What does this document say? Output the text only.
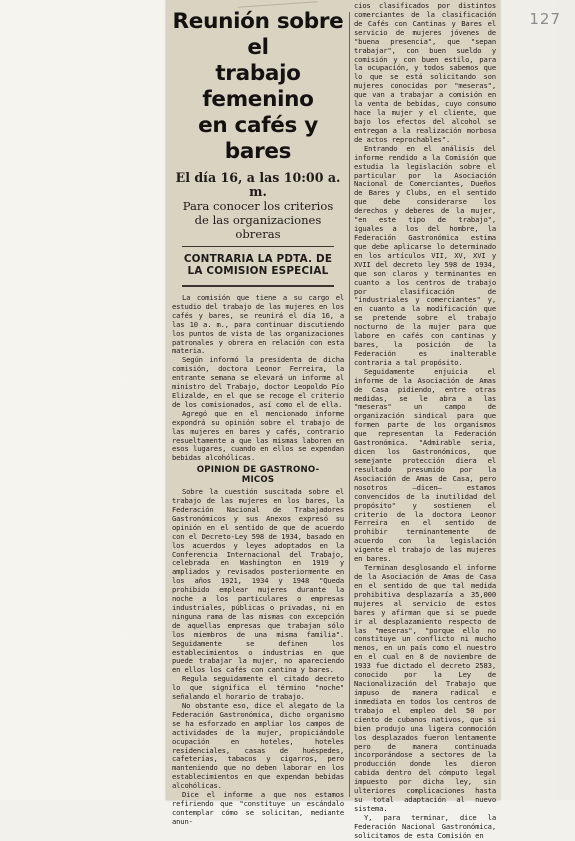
127
Reunión sobre el
trabajo femenino
en cafés y bares
El día 16, a las 10:00 a. m.
Para conocer los criterios
de las organizaciones obreras
CONTRARIA LA PDTA. DE
LA COMISION ESPECIAL

La comisión que tiene a su cargo el estudio del trabajo de las mujeres en los cafés y bares, se reunirá el día 16, a las 10 a. m., para continuar discutiendo los puntos de vista de las organizaciones patronales y obrera en relación con esta materia.

Según informó la presidenta de dicha comisión, doctora Leonor Ferreira, la entrante semana se elevará un informe al ministro del Trabajo, doctor Leopoldo Pío Elizalde, en el que se recoge el criterio de los comisionados, así como el de ella.

Agregó que en el mencionado informe expondrá su opinión sobre el trabajo de las mujeres en bares y cafés, contrario resueltamente a que las mismas laboren en esos lugares, cuando en ellos se expendan bebidas alcohólicas.

OPINION DE GASTRONO-
MICOS

Sobre la cuestión suscitada sobre el trabajo de las mujeres en los bares, la Federación Nacional de Trabajadores Gastronómicos y sus Anexos expresó su opinión en el sentido de que de acuerdo con el Decreto-Ley 598 de 1934, basado en los acuerdos y leyes adoptados en la Conferencia Internacional del Trabajo, celebrada en Washington en 1919 y ampliados y revisados posteriormente en los años 1921, 1934 y 1948 "Queda prohibido emplear mujeres durante la noche a los particulares o empresas industriales, públicas o privadas, ni en ninguna rama de las mismas con excepción de aquellas empresas que trabajan sólo los miembros de una misma familia". Seguidamente se definen los establecimientos o industrias en que puede trabajar la mujer, no apareciendo en ellos los cafés con cantina y bares.

Regula seguidamente el citado decreto lo que significa el término "noche" señalando el horario de trabajo.

No obstante eso, dice el alegato de la Federación Gastronómica, dicho organismo se ha esforzado en ampliar los campos de actividades de la mujer, propiciándole ocupación en hoteles, hoteles residenciales, casas de huéspedes, cafeterías, tabacos y cigarros, pero manteniendo que no deben laborar en los establecimientos en que expendan bebidas alcohólicas.

Dice el informe a que nos estamos refiriendo que "constituye un escándalo contemplar cómo se solicitan, mediante anun-

cios clasificados por distintos comerciantes de la clasificación de Cafés con Cantinas y Bares el servicio de mujeres jóvenes de "buena presencia", que "sepan trabajar", con buen sueldo y comisión y con buen estilo, para la ocupación, y todos sabemos que lo que se está solicitando son mujeres conocidas por "meseras", que van a trabajar a comisión en la venta de bebidas, cuyo consumo hace la mujer y el cliente, que bajo los efectos del alcohol se entregan a la realización morbosa de actos reprochables".

Entrando en el análisis del informe rendido a la Comisión que estudia la legislación sobre el particular por la Asociación Nacional de Comerciantes, Dueños de Bares y Clubs, en el sentido que debe considerarse los derechos y deberes de la mujer, "en este tipo de trabajo", iguales a los del hombre, la Federación Gastronómica estima que debe aplicarse lo determinado en los artículos VII, XV, XVI y XVII del decreto ley 598 de 1934, que son claros y terminantes en cuanto a los centros de trabajo por clasificación de "industriales y comerciantes" y, en cuanto a la modificación que se pretende sobre el trabajo nocturno de la mujer para que labore en cafés con cantinas y bares, la posición de la Federación es inalterable contraria a tal propósito.

Seguidamente enjuicia el informe de la Asociación de Amas de Casa pidiendo, entre otras medidas, se le abra a las "meseras" un campo de organización sindical para que formen parte de los organismos que representan la Federación Gastronómica. "Admirable seria, dicen los Gastronómicos, que semejante protección diera el resultado presumido por la Asociación de Amas de Casa, pero nosotros —dicen— estamos convencidos de la inutilidad del propósito" y sostienen el criterio de la doctora Leonor Ferreira en el sentido de prohibir terminantemente de acuerdo con la legislación vigente el trabajo de las mujeres en bares.

Terminan desglosando el informe de la Asociación de Amas de Casa en el sentido de que tal medida prohibitiva desplazaría a 35,000 mujeres al servicio de estos bares y afirman que si se puede ir al desplazamiento respecto de las "meseras", "porque ello no constituye un conflicto ni mucho menos, en un país como el nuestro en el cual en 8 de noviembre de 1933 fue dictado el decreto 2583, conocido por la Ley de Nacionalización del Trabajo que impuso de manera radical e inmediata en todos los centros de trabajo el empleo del 50 por ciento de cubanos nativos, que si bien produjo una ligera conmoción los desplazados fueron lentamente pero de manera continuada incorporándose a sectores de la producción donde les dieron cabida dentro del cómputo legal impuesto por dicha ley, sin ulteriores complicaciones hasta su total adaptación al nuevo sistema.

Y, para terminar, dice la Federación Nacional Gastronómica, solicitamos de esta Comisión en
